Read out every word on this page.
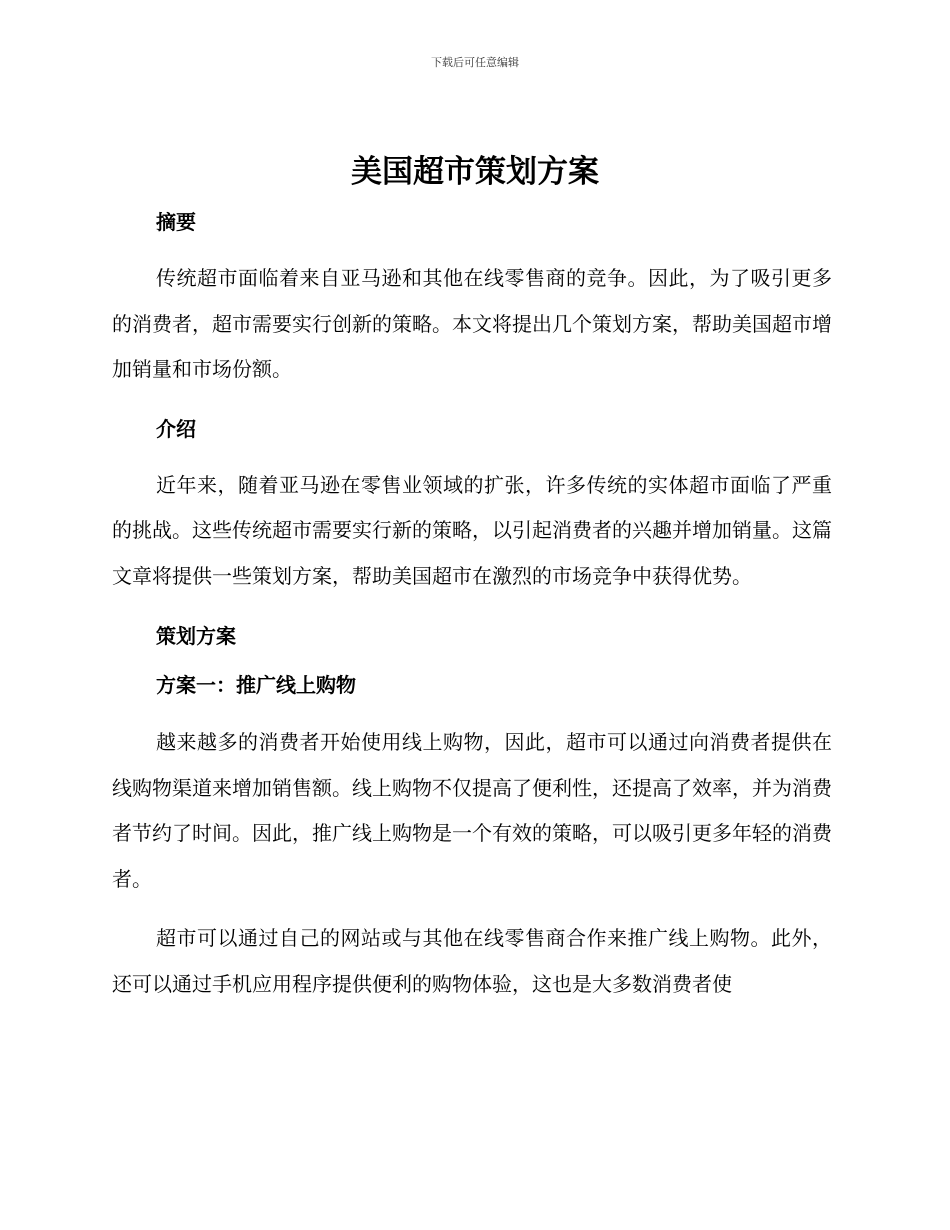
下载后可任意编辑
美国超市策划方案
摘要

传统超市面临着来自亚马逊和其他在线零售商的竞争。因此，为了吸引更多的消费者，超市需要实行创新的策略。本文将提出几个策划方案，帮助美国超市增加销量和市场份额。

介绍

近年来，随着亚马逊在零售业领域的扩张，许多传统的实体超市面临了严重的挑战。这些传统超市需要实行新的策略，以引起消费者的兴趣并增加销量。这篇文章将提供一些策划方案，帮助美国超市在激烈的市场竞争中获得优势。

策划方案
方案一：推广线上购物

越来越多的消费者开始使用线上购物，因此，超市可以通过向消费者提供在线购物渠道来增加销售额。线上购物不仅提高了便利性，还提高了效率，并为消费者节约了时间。因此，推广线上购物是一个有效的策略，可以吸引更多年轻的消费者。

超市可以通过自己的网站或与其他在线零售商合作来推广线上购物。此外，还可以通过手机应用程序提供便利的购物体验，这也是大多数消费者使
